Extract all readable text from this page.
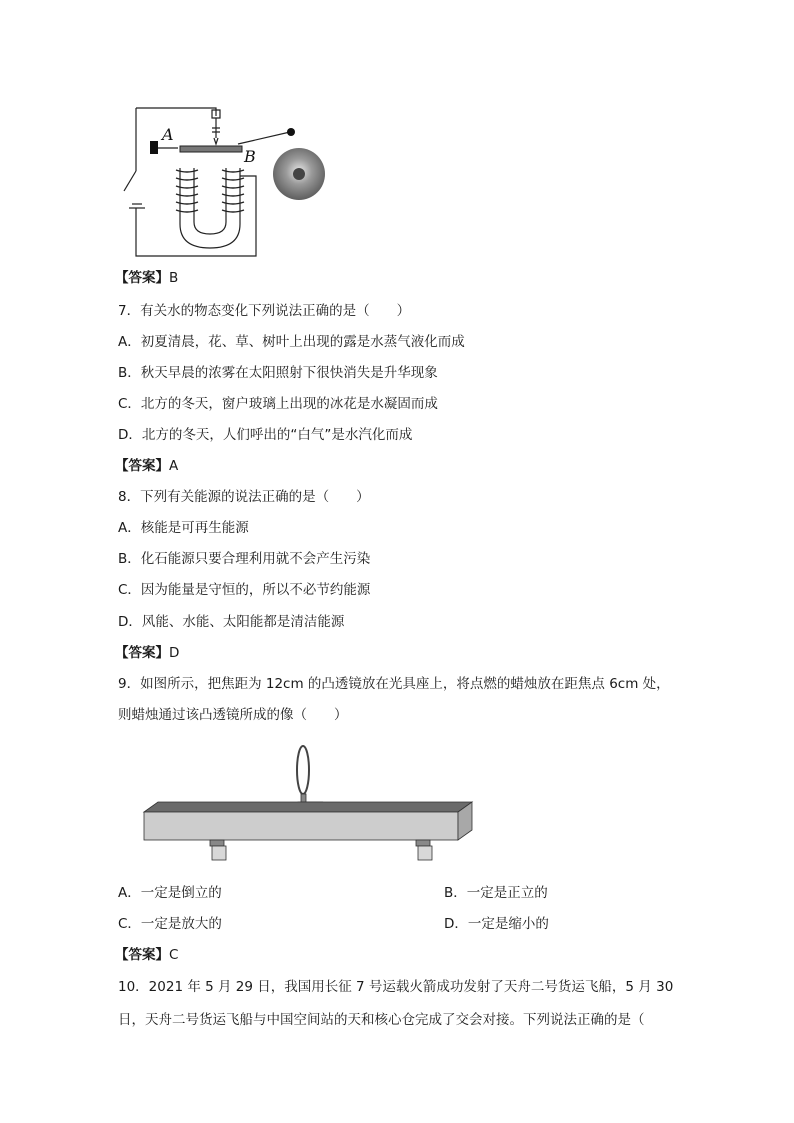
A
B
【答案】B
7．有关水的物态变化下列说法正确的是（　　）
A．初夏清晨，花、草、树叶上出现的露是水蒸气液化而成
B．秋天早晨的浓雾在太阳照射下很快消失是升华现象
C．北方的冬天，窗户玻璃上出现的冰花是水凝固而成
D．北方的冬天，人们呼出的“白气”是水汽化而成
【答案】A
8．下列有关能源的说法正确的是（　　）
A．核能是可再生能源
B．化石能源只要合理利用就不会产生污染
C．因为能量是守恒的，所以不必节约能源
D．风能、水能、太阳能都是清洁能源
【答案】D
9．如图所示，把焦距为 12cm 的凸透镜放在光具座上，将点燃的蜡烛放在距焦点 6cm 处，
则蜡烛通过该凸透镜所成的像（　　）
A．一定是倒立的	B．一定是正立的
C．一定是放大的	D．一定是缩小的
【答案】C
10．2021 年 5 月 29 日，我国用长征 7 号运载火箭成功发射了天舟二号货运飞船，5 月 30
日，天舟二号货运飞船与中国空间站的天和核心仓完成了交会对接。下列说法正确的是（
